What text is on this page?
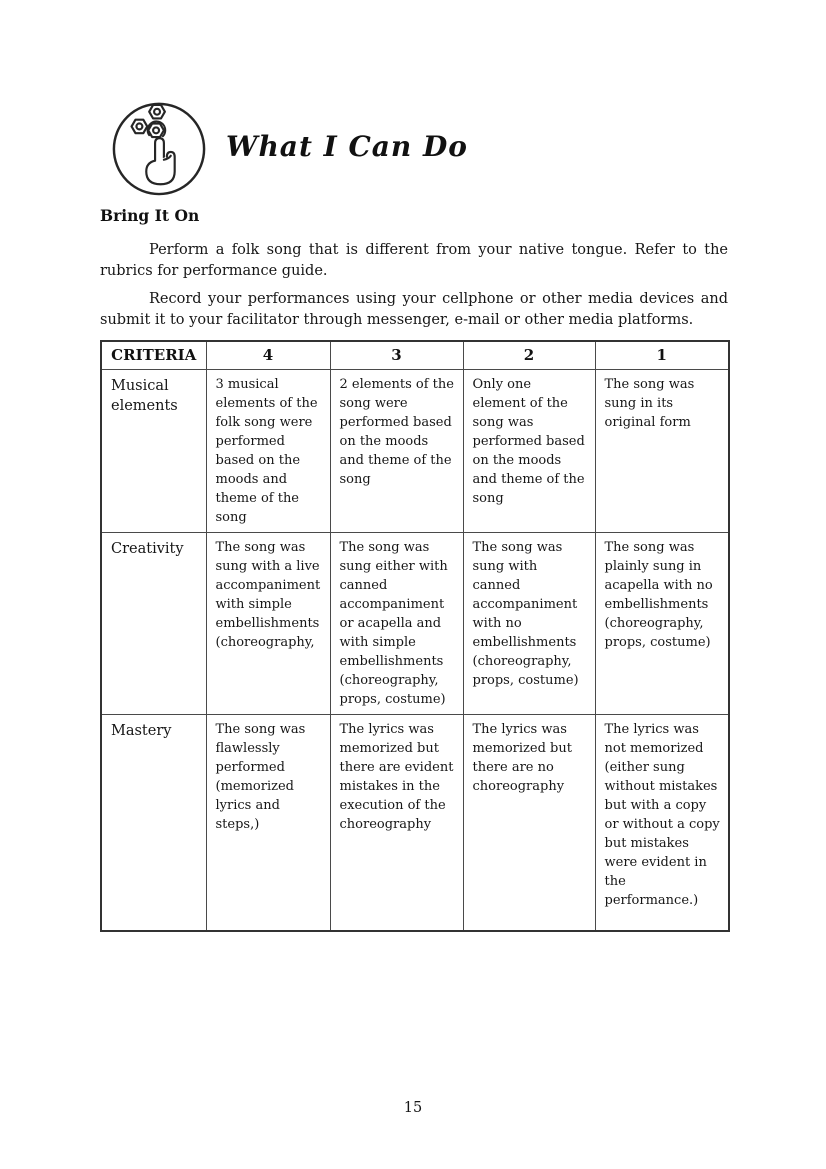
What I Can Do
Bring It On

Perform a folk song that is different from your native tongue. Refer to the rubrics for performance guide.

Record your performances using your cellphone or other media devices and submit it to your facilitator through messenger, e-mail or other media platforms.

CRITERIA	4	3	2	1
Musical elements	3 musical elements of the folk song were performed based on the moods and theme of the song	2 elements of the song were performed based on the moods and theme of the song	Only one element of the song was performed based on the moods and theme of the song	The song was sung in its original form
Creativity	The song was sung with a live accompaniment with simple embellishments (choreography,	The song was sung either with canned accompaniment or acapella and with simple embellishments (choreography, props, costume)	The song was sung with canned accompaniment with no embellishments (choreography, props, costume)	The song was plainly sung in acapella with no embellishments (choreography, props, costume)
Mastery	The song was flawlessly performed (memorized lyrics and steps,)	The lyrics was memorized but there are evident mistakes in the execution of the choreography	The lyrics was memorized but there are no choreography	The lyrics was not memorized (either sung without mistakes but with a copy or without a copy but mistakes were evident in the performance.)
15
